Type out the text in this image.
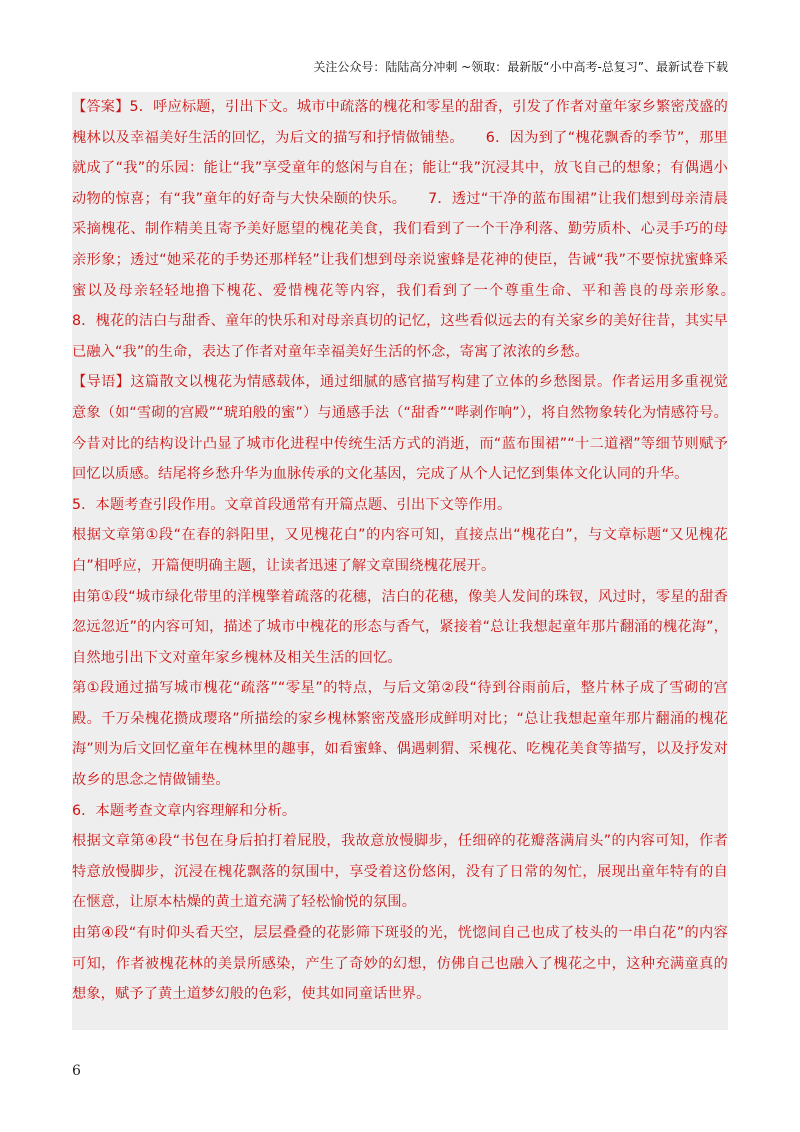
关注公众号：陆陆高分冲刺 ~领取：最新版“小中高考-总复习”、最新试卷下载

【答案】5．呼应标题，引出下文。城市中疏落的槐花和零星的甜香，引发了作者对童年家乡繁密茂盛的槐林以及幸福美好生活的回忆，为后文的描写和抒情做铺垫。　　6．因为到了“槐花飘香的季节”，那里就成了“我”的乐园：能让“我”享受童年的悠闲与自在；能让“我”沉浸其中，放飞自己的想象；有偶遇小动物的惊喜；有“我”童年的好奇与大快朵颐的快乐。　　7．透过“干净的蓝布围裙”让我们想到母亲清晨采摘槐花、制作精美且寄予美好愿望的槐花美食，我们看到了一个干净利落、勤劳质朴、心灵手巧的母亲形象；透过“她采花的手势还那样轻”让我们想到母亲说蜜蜂是花神的使臣，告诫“我”不要惊扰蜜蜂采蜜以及母亲轻轻地撸下槐花、爱惜槐花等内容，我们看到了一个尊重生命、平和善良的母亲形象。　　8．槐花的洁白与甜香、童年的快乐和对母亲真切的记忆，这些看似远去的有关家乡的美好往昔，其实早已融入“我”的生命，表达了作者对童年幸福美好生活的怀念，寄寓了浓浓的乡愁。

【导语】这篇散文以槐花为情感载体，通过细腻的感官描写构建了立体的乡愁图景。作者运用多重视觉意象（如“雪砌的宫殿”“琥珀般的蜜”）与通感手法（“甜香”“哔剥作响”），将自然物象转化为情感符号。今昔对比的结构设计凸显了城市化进程中传统生活方式的消逝，而“蓝布围裙”“十二道褶”等细节则赋予回忆以质感。结尾将乡愁升华为血脉传承的文化基因，完成了从个人记忆到集体文化认同的升华。

5．本题考查引段作用。文章首段通常有开篇点题、引出下文等作用。

根据文章第①段“在春的斜阳里，又见槐花白”的内容可知，直接点出“槐花白”，与文章标题“又见槐花白”相呼应，开篇便明确主题，让读者迅速了解文章围绕槐花展开。

由第①段“城市绿化带里的洋槐擎着疏落的花穗，洁白的花穗，像美人发间的珠钗，风过时，零星的甜香忽远忽近”的内容可知，描述了城市中槐花的形态与香气，紧接着“总让我想起童年那片翻涌的槐花海”，自然地引出下文对童年家乡槐林及相关生活的回忆。

第①段通过描写城市槐花“疏落”“零星”的特点，与后文第②段“待到谷雨前后，整片林子成了雪砌的宫殿。千万朵槐花攒成璎珞”所描绘的家乡槐林繁密茂盛形成鲜明对比；“总让我想起童年那片翻涌的槐花海”则为后文回忆童年在槐林里的趣事，如看蜜蜂、偶遇刺猬、采槐花、吃槐花美食等描写，以及抒发对故乡的思念之情做铺垫。

6．本题考查文章内容理解和分析。

根据文章第④段“书包在身后拍打着屁股，我故意放慢脚步，任细碎的花瓣落满肩头”的内容可知，作者特意放慢脚步，沉浸在槐花飘落的氛围中，享受着这份悠闲，没有了日常的匆忙，展现出童年特有的自在惬意，让原本枯燥的黄土道充满了轻松愉悦的氛围。

由第④段“有时仰头看天空，层层叠叠的花影筛下斑驳的光，恍惚间自己也成了枝头的一串白花”的内容可知，作者被槐花林的美景所感染，产生了奇妙的幻想，仿佛自己也融入了槐花之中，这种充满童真的想象，赋予了黄土道梦幻般的色彩，使其如同童话世界。

6
